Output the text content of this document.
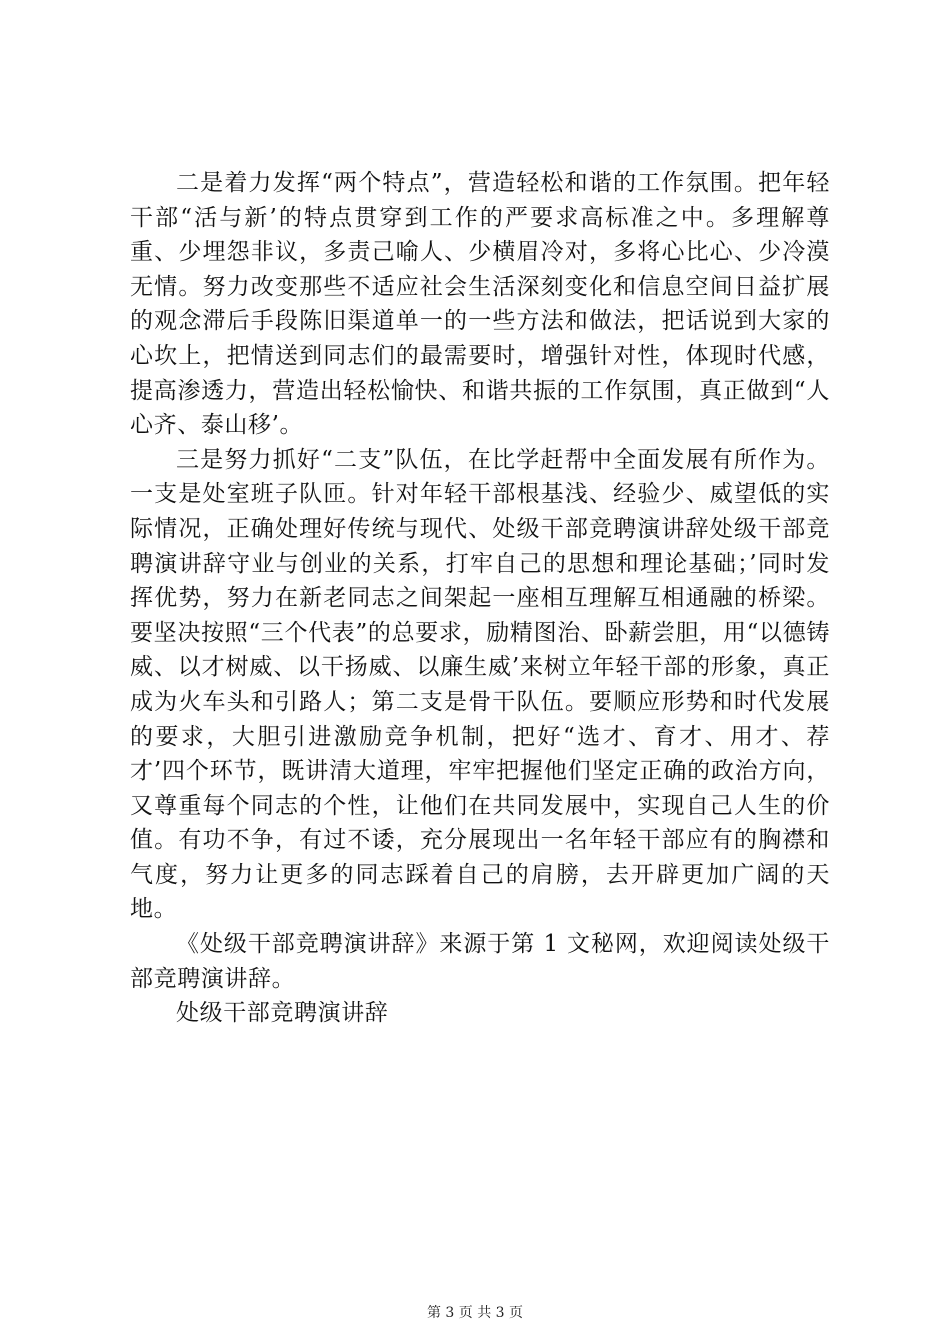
二是着力发挥“两个特点”，营造轻松和谐的工作氛围。把年轻干部“活与新’的特点贯穿到工作的严要求高标准之中。多理解尊重、少埋怨非议，多责己喻人、少横眉冷对，多将心比心、少冷漠无情。努力改变那些不适应社会生活深刻变化和信息空间日益扩展的观念滞后手段陈旧渠道单一的一些方法和做法，把话说到大家的心坎上，把情送到同志们的最需要时，增强针对性，体现时代感，提高渗透力，营造出轻松愉快、和谐共振的工作氛围，真正做到“人心齐、泰山移’。

三是努力抓好“二支”队伍，在比学赶帮中全面发展有所作为。一支是处室班子队匝。针对年轻干部根基浅、经验少、威望低的实际情况，正确处理好传统与现代、处级干部竞聘演讲辞处级干部竞聘演讲辞守业与创业的关系，打牢自己的思想和理论基础；’同时发挥优势，努力在新老同志之间架起一座相互理解互相通融的桥梁。要坚决按照“三个代表”的总要求，励精图治、卧薪尝胆，用“以德铸威、以才树威、以干扬威、以廉生威’来树立年轻干部的形象，真正成为火车头和引路人；第二支是骨干队伍。要顺应形势和时代发展的要求，大胆引进激励竞争机制，把好“选才、育才、用才、荐才’四个环节，既讲清大道理，牢牢把握他们坚定正确的政治方向，又尊重每个同志的个性，让他们在共同发展中，实现自己人生的价值。有功不争，有过不诿，充分展现出一名年轻干部应有的胸襟和气度，努力让更多的同志踩着自己的肩膀，去开辟更加广阔的天地。

《处级干部竞聘演讲辞》来源于第 1 文秘网，欢迎阅读处级干部竞聘演讲辞。

处级干部竞聘演讲辞

第 3 页 共 3 页
